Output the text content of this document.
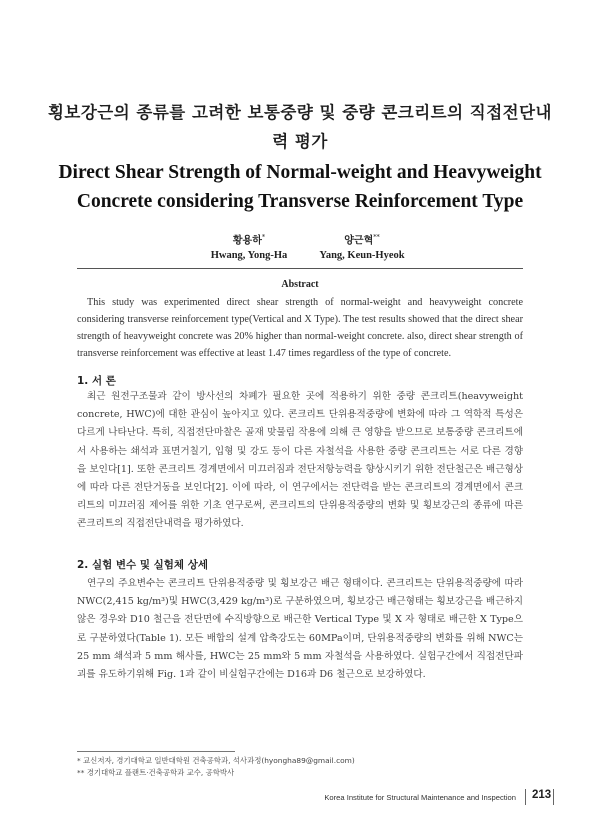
횡보강근의 종류를 고려한 보통중량 및 중량 콘크리트의 직접전단내력 평가
Direct Shear Strength of Normal-weight and Heavyweight Concrete considering Transverse Reinforcement Type
황용하*
Hwang, Yong-Ha
양근혁**
Yang, Keun-Hyeok
Abstract
This study was experimented direct shear strength of normal-weight and heavyweight concrete considering transverse reinforcement type(Vertical and X Type). The test results showed that the direct shear strength of heavyweight concrete was 20% higher than normal-weight concrete. also, direct shear strength of transverse reinforcement was effective at least 1.47 times regardless of the type of concrete.
1. 서 론
최근 원전구조물과 같이 방사선의 차폐가 필요한 곳에 적용하기 위한 중량 콘크리트(heavyweight concrete, HWC)에 대한 관심이 높아지고 있다. 콘크리트 단위용적중량에 변화에 따라 그 역학적 특성은 다르게 나타난다. 특히, 직접전단마찰은 골재 맞물림 작용에 의해 큰 영향을 받으므로 보통중량 콘크리트에서 사용하는 쇄석과 표면거칠기, 입형 및 강도 등이 다른 자철석을 사용한 중량 콘크리트는 서로 다른 경향을 보인다[1]. 또한 콘크리트 경계면에서 미끄러짐과 전단저항능력을 향상시키기 위한 전단철근은 배근형상에 따라 다른 전단거동을 보인다[2]. 이에 따라, 이 연구에서는 전단력을 받는 콘크리트의 경계면에서 콘크리트의 미끄러짐 제어를 위한 기초 연구로써, 콘크리트의 단위용적중량의 변화 및 횡보강근의 종류에 따른 콘크리트의 직접전단내력을 평가하였다.
2. 실험 변수 및 실험체 상세
연구의 주요변수는 콘크리트 단위용적중량 및 횡보강근 배근 형태이다. 콘크리트는 단위용적중량에 따라 NWC(2,415 kg/m³)및 HWC(3,429 kg/m³)로 구분하였으며, 횡보강근 배근형태는 횡보강근을 배근하지 않은 경우와 D10 철근을 전단면에 수직방향으로 배근한 Vertical Type 및 X 자 형태로 배근한 X Type으로 구분하였다(Table 1). 모든 배합의 설계 압축강도는 60MPa이며, 단위용적중량의 변화를 위해 NWC는 25 mm 쇄석과 5 mm 해사를, HWC는 25 mm와 5 mm 자철석을 사용하였다. 실험구간에서 직접전단파괴를 유도하기위해 Fig. 1과 같이 비실험구간에는 D16과 D6 철근으로 보강하였다.
* 교신저자, 경기대학교 일반대학원 건축공학과, 석사과정(hyongha89@gmail.com)
** 경기대학교 플랜트·건축공학과 교수, 공학박사
Korea Institute for Structural Maintenance and Inspection 213
